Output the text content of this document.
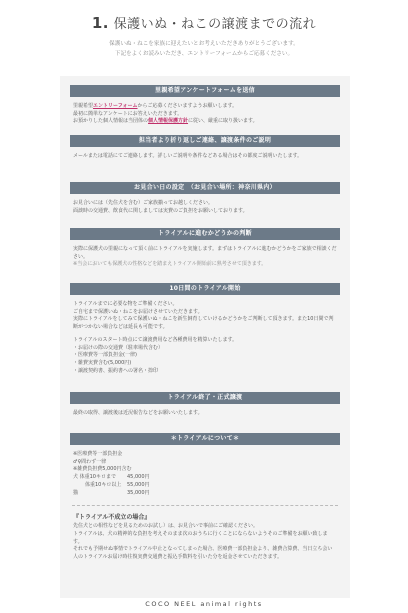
1. 保護いぬ・ねこの譲渡までの流れ
保護いぬ・ねこを家族に迎えたいとお考えいただきありがとうございます。
下記をよくお読みいただき、エントリーフォームからご応募ください。
里親希望アンケートフォームを送信

里親希望エントリーフォームからご応募くださいますようお願いします。

最初に簡単なアンケートにお答えいただきます。

お預かりした個人情報は当団体の個人情報保護方針に従い、厳重に取り扱います。

担当者より折り返しご連絡、譲渡条件のご説明

メールまたは電話にてご連絡します。詳しいご説明や条件などある場合はその都度ご説明いたします。

お見合い日の設定　（お見合い場所：神奈川県内）

お見合いには（先住犬を含む）ご家族揃ってお越しください。

面談時の交通費、飲食代に関しましては実費のご負担をお願いしております。

トライアルに進むかどうかの判断

実際に保護犬の里親になって頂く前にトライアルを実施します。まずはトライアルに進むかどうかをご家族で相談ください。

※当会においても保護犬の性格などを踏まえトライアル開始前に熟考させて頂きます。

10日間のトライアル開始

トライアルまでに必要な物をご準備ください。

ご自宅まで保護いぬ・ねこをお届けさせていただきます。

実際にトライアルをしてみて保護いぬ・ねこを新生飼育していけるかどうかをご判断して頂きます。また10日間で判断がつかない場合などは延長も可能です。

トライアルのスタート時点にて譲渡費用など各種費用を精算いたします。

・お届けの際の交通費（駐車場代含む）

・医療費等一部負担金(一律)

・雑費実費含む(5,000円)

・譲渡契約書、振約書への署名・捺印

トライアル終了・正式譲渡

最終の取得、譲渡後は近況報告などをお願いいたします。

＊トライアルについて＊

※医療費等一部負担金

♂♀問わず一律

※雑費負担費5,000円含む

犬 体重10キロまで	45,000円
体重10キロ以上	55,000円
猫	35,000円
『トライアル不成立の場合』

先住犬との相性などを見るためのお試し）は、お見合いで事前にご確認ください。

トライアルは、犬の精神的な負担を考えそのまま次のおうちに行くことにならないようそのご準備をお願い致します。

それでも予期せぬ事情でトライアル中止となってしまった場合、医療費一部負担金より、雑費合算費、当日立ち会い人のトライアルお届け時往復実費交通費と振込手数料を引いた分を返金させていただきます。

COCO NEEL animal rights
